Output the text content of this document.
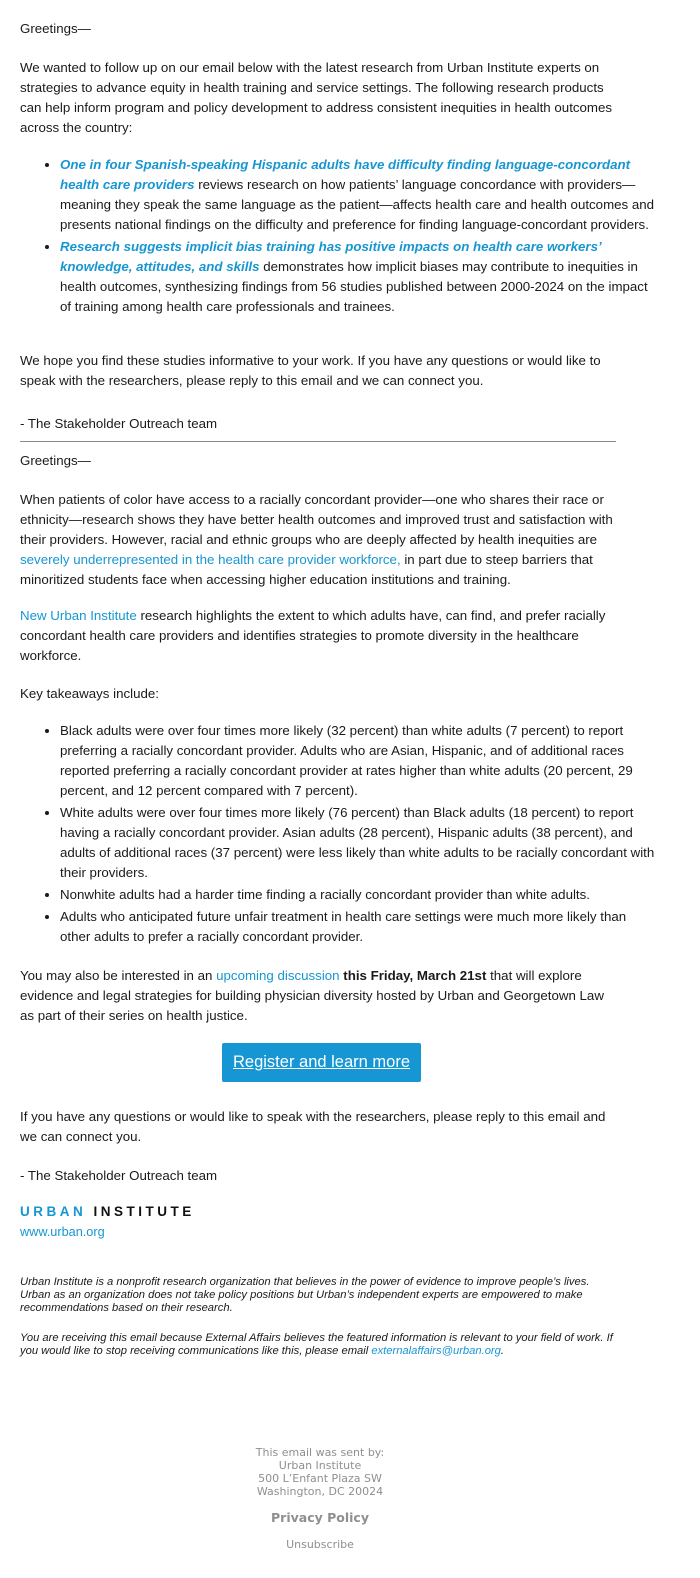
Greetings—

We wanted to follow up on our email below with the latest research from Urban Institute experts on strategies to advance equity in health training and service settings. The following research products can help inform program and policy development to address consistent inequities in health outcomes across the country:

• One in four Spanish-speaking Hispanic adults have difficulty finding language-concordant health care providers reviews research on how patients’ language concordance with providers—meaning they speak the same language as the patient—affects health care and health outcomes and presents national findings on the difficulty and preference for finding language-concordant providers.
• Research suggests implicit bias training has positive impacts on health care workers’ knowledge, attitudes, and skills demonstrates how implicit biases may contribute to inequities in health outcomes, synthesizing findings from 56 studies published between 2000-2024 on the impact of training among health care professionals and trainees.

We hope you find these studies informative to your work. If you have any questions or would like to speak with the researchers, please reply to this email and we can connect you.

- The Stakeholder Outreach team

Greetings—

When patients of color have access to a racially concordant provider—one who shares their race or ethnicity—research shows they have better health outcomes and improved trust and satisfaction with their providers. However, racial and ethnic groups who are deeply affected by health inequities are severely underrepresented in the health care provider workforce, in part due to steep barriers that minoritized students face when accessing higher education institutions and training.

New Urban Institute research highlights the extent to which adults have, can find, and prefer racially concordant health care providers and identifies strategies to promote diversity in the healthcare workforce.

Key takeaways include:

• Black adults were over four times more likely (32 percent) than white adults (7 percent) to report preferring a racially concordant provider. Adults who are Asian, Hispanic, and of additional races reported preferring a racially concordant provider at rates higher than white adults (20 percent, 29 percent, and 12 percent compared with 7 percent).
• White adults were over four times more likely (76 percent) than Black adults (18 percent) to report having a racially concordant provider. Asian adults (28 percent), Hispanic adults (38 percent), and adults of additional races (37 percent) were less likely than white adults to be racially concordant with their providers.
• Nonwhite adults had a harder time finding a racially concordant provider than white adults.
• Adults who anticipated future unfair treatment in health care settings were much more likely than other adults to prefer a racially concordant provider.

You may also be interested in an upcoming discussion this Friday, March 21st that will explore evidence and legal strategies for building physician diversity hosted by Urban and Georgetown Law as part of their series on health justice.

Register and learn more

If you have any questions or would like to speak with the researchers, please reply to this email and we can connect you.

- The Stakeholder Outreach team

URBAN INSTITUTE
www.urban.org

Urban Institute is a nonprofit research organization that believes in the power of evidence to improve people’s lives. Urban as an organization does not take policy positions but Urban’s independent experts are empowered to make recommendations based on their research.

You are receiving this email because External Affairs believes the featured information is relevant to your field of work. If you would like to stop receiving communications like this, please email externalaffairs@urban.org.

This email was sent by:
Urban Institute
500 L’Enfant Plaza SW
Washington, DC 20024
Privacy Policy
Unsubscribe
